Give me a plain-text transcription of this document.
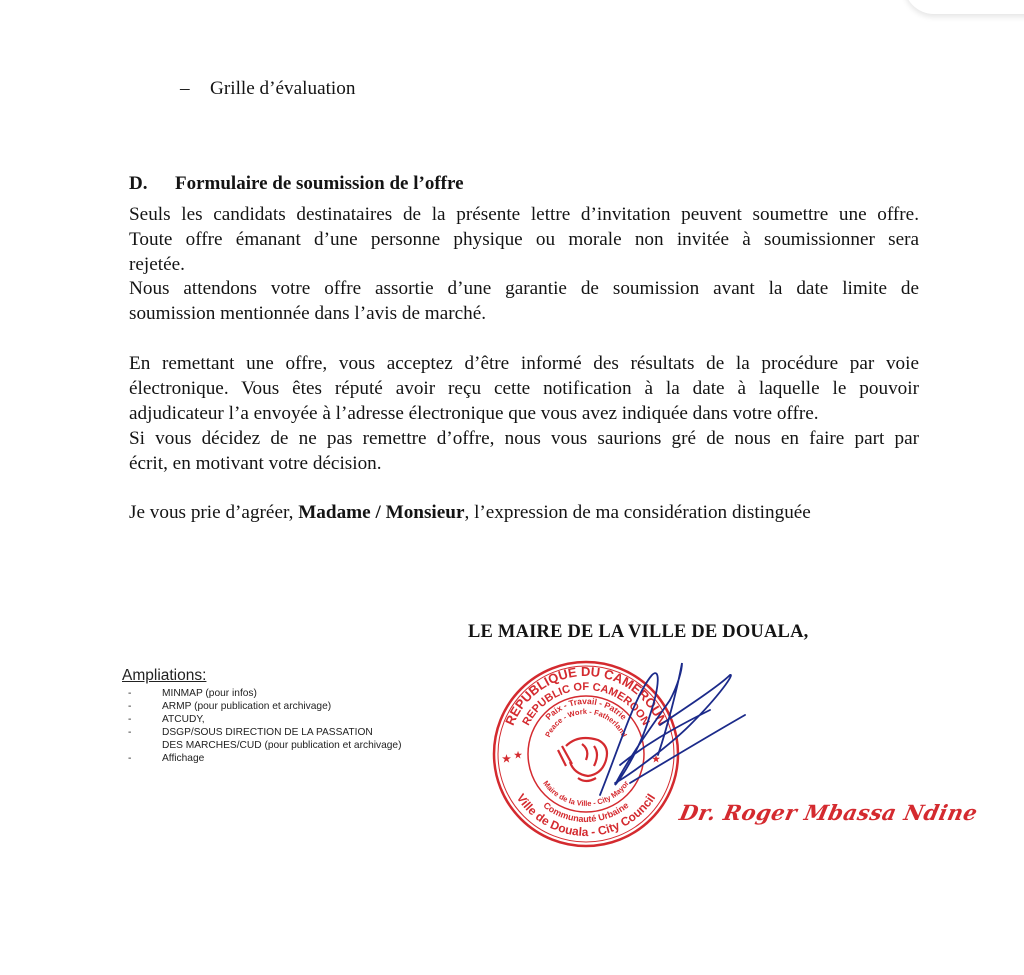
– Grille d’évaluation
D. Formulaire de soumission de l’offre
Seuls les candidats destinataires de la présente lettre d’invitation peuvent soumettre une offre.
Toute offre émanant d’une personne physique ou morale non invitée à soumissionner sera
rejetée.
Nous attendons votre offre assortie d’une garantie de soumission avant la date limite de
soumission mentionnée dans l’avis de marché.
En remettant une offre, vous acceptez d’être informé des résultats de la procédure par voie
électronique. Vous êtes réputé avoir reçu cette notification à la date à laquelle le pouvoir
adjudicateur l’a envoyée à l’adresse électronique que vous avez indiquée dans votre offre.
Si vous décidez de ne pas remettre d’offre, nous vous saurions gré de nous en faire part par
écrit, en motivant votre décision.
Je vous prie d’agréer, Madame / Monsieur, l’expression de ma considération distinguée
LE MAIRE DE LA VILLE DE DOUALA,
Ampliations:
-	MINMAP (pour infos)
-	ARMP (pour publication et archivage)
-	ATCUDY,
-	DSGP/SOUS DIRECTION DE LA PASSATION
DES MARCHES/CUD (pour publication et archivage)
-	Affichage
REPUBLIQUE DU CAMEROUN
REPUBLIC OF CAMEROON
Paix - Travail - Patrie
Peace - Work - Fatherland
Ville de Douala - City Council
Communauté Urbaine
Maire de la Ville - City Mayor
★ ★	★
Dr. Roger Mbassa Ndine
